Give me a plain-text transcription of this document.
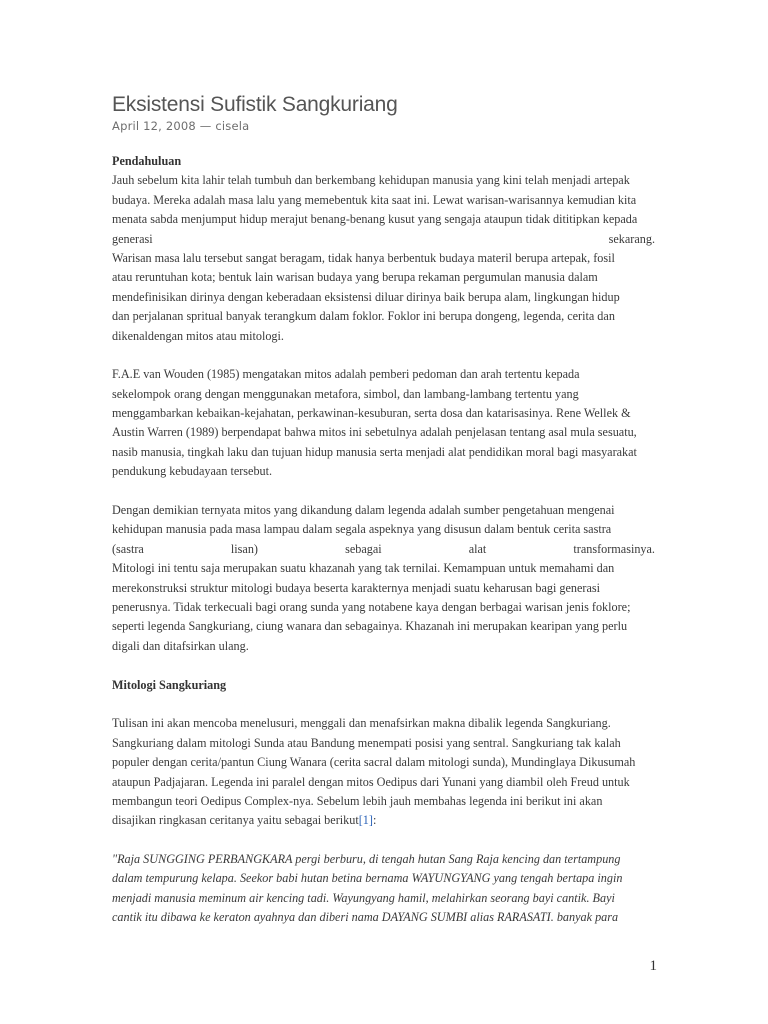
Eksistensi Sufistik Sangkuriang
April 12, 2008 — cisela
Pendahuluan
Jauh sebelum kita lahir telah tumbuh dan berkembang kehidupan manusia yang kini telah menjadi artepak
budaya. Mereka adalah masa lalu yang memebentuk kita saat ini. Lewat warisan-warisannya kemudian kita
menata sabda menjumput hidup merajut benang-benang kusut yang sengaja ataupun tidak dititipkan kepada
generasi	sekarang.
Warisan masa lalu tersebut sangat beragam, tidak hanya berbentuk budaya materil berupa artepak, fosil
atau reruntuhan kota; bentuk lain warisan budaya yang berupa rekaman pergumulan manusia dalam
mendefinisikan dirinya dengan keberadaan eksistensi diluar dirinya baik berupa alam, lingkungan hidup
dan perjalanan spritual banyak terangkum dalam foklor. Foklor ini berupa dongeng, legenda, cerita dan
dikenaldengan mitos atau mitologi.
F.A.E van Wouden (1985) mengatakan mitos adalah pemberi pedoman dan arah tertentu kepada
sekelompok orang dengan menggunakan metafora, simbol, dan lambang-lambang tertentu yang
menggambarkan kebaikan-kejahatan, perkawinan-kesuburan, serta dosa dan katarisasinya. Rene Wellek &
Austin Warren (1989) berpendapat bahwa mitos ini sebetulnya adalah penjelasan tentang asal mula sesuatu,
nasib manusia, tingkah laku dan tujuan hidup manusia serta menjadi alat pendidikan moral bagi masyarakat
pendukung kebudayaan tersebut.
Dengan demikian ternyata mitos yang dikandung dalam legenda adalah sumber pengetahuan mengenai
kehidupan manusia pada masa lampau dalam segala aspeknya yang disusun dalam bentuk cerita sastra
(sastra	lisan)	sebagai	alat	transformasinya.
Mitologi ini tentu saja merupakan suatu khazanah yang tak ternilai. Kemampuan untuk memahami dan
merekonstruksi struktur mitologi budaya beserta karakternya menjadi suatu keharusan bagi generasi
penerusnya. Tidak terkecuali bagi orang sunda yang notabene kaya dengan berbagai warisan jenis foklore;
seperti legenda Sangkuriang, ciung wanara dan sebagainya. Khazanah ini merupakan kearipan yang perlu
digali dan ditafsirkan ulang.
Mitologi Sangkuriang
Tulisan ini akan mencoba menelusuri, menggali dan menafsirkan makna dibalik legenda Sangkuriang.
Sangkuriang dalam mitologi Sunda atau Bandung menempati posisi yang sentral. Sangkuriang tak kalah
populer dengan cerita/pantun Ciung Wanara (cerita sacral dalam mitologi sunda), Mundinglaya Dikusumah
ataupun Padjajaran. Legenda ini paralel dengan mitos Oedipus dari Yunani yang diambil oleh Freud untuk
membangun teori Oedipus Complex-nya. Sebelum lebih jauh membahas legenda ini berikut ini akan
disajikan ringkasan ceritanya yaitu sebagai berikut[1]:
"Raja SUNGGING PERBANGKARA pergi berburu, di tengah hutan Sang Raja kencing dan tertampung
dalam tempurung kelapa. Seekor babi hutan betina bernama WAYUNGYANG yang tengah bertapa ingin
menjadi manusia meminum air kencing tadi. Wayungyang hamil, melahirkan seorang bayi cantik. Bayi
cantik itu dibawa ke keraton ayahnya dan diberi nama DAYANG SUMBI alias RARASATI. banyak para
1
